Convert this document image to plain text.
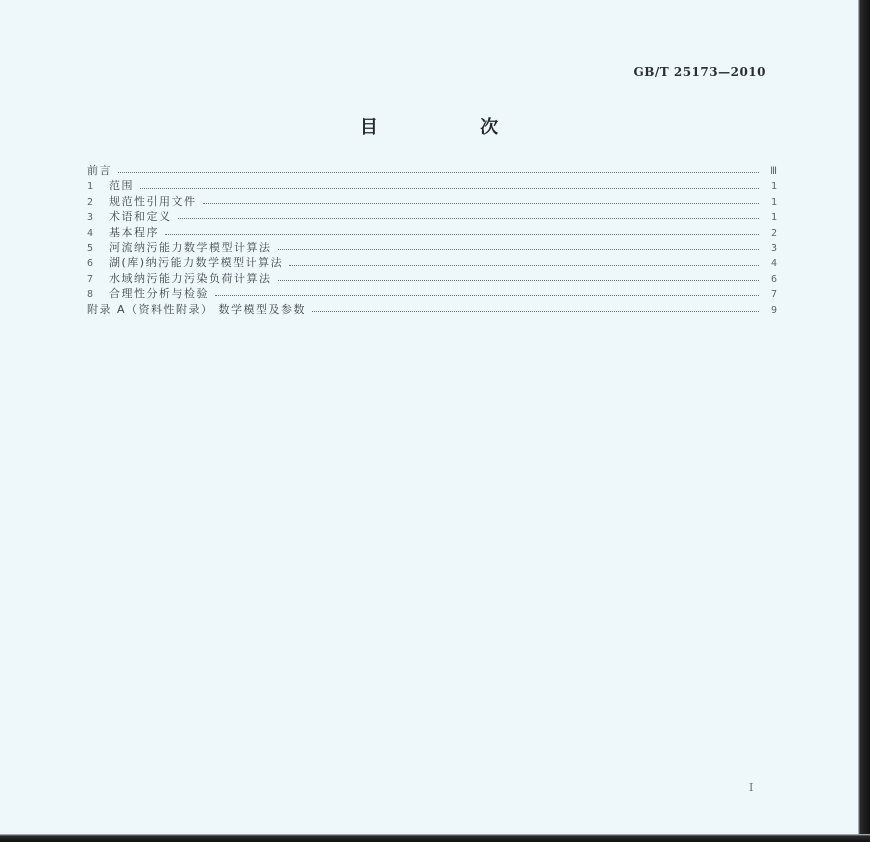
GB/T 25173—2010
目 次
前言	Ⅲ
1	范围	1
2	规范性引用文件	1
3	术语和定义	1
4	基本程序	2
5	河流纳污能力数学模型计算法	3
6	湖(库)纳污能力数学模型计算法	4
7	水域纳污能力污染负荷计算法	6
8	合理性分析与检验	7
附录 A（资料性附录） 数学模型及参数	9
I
